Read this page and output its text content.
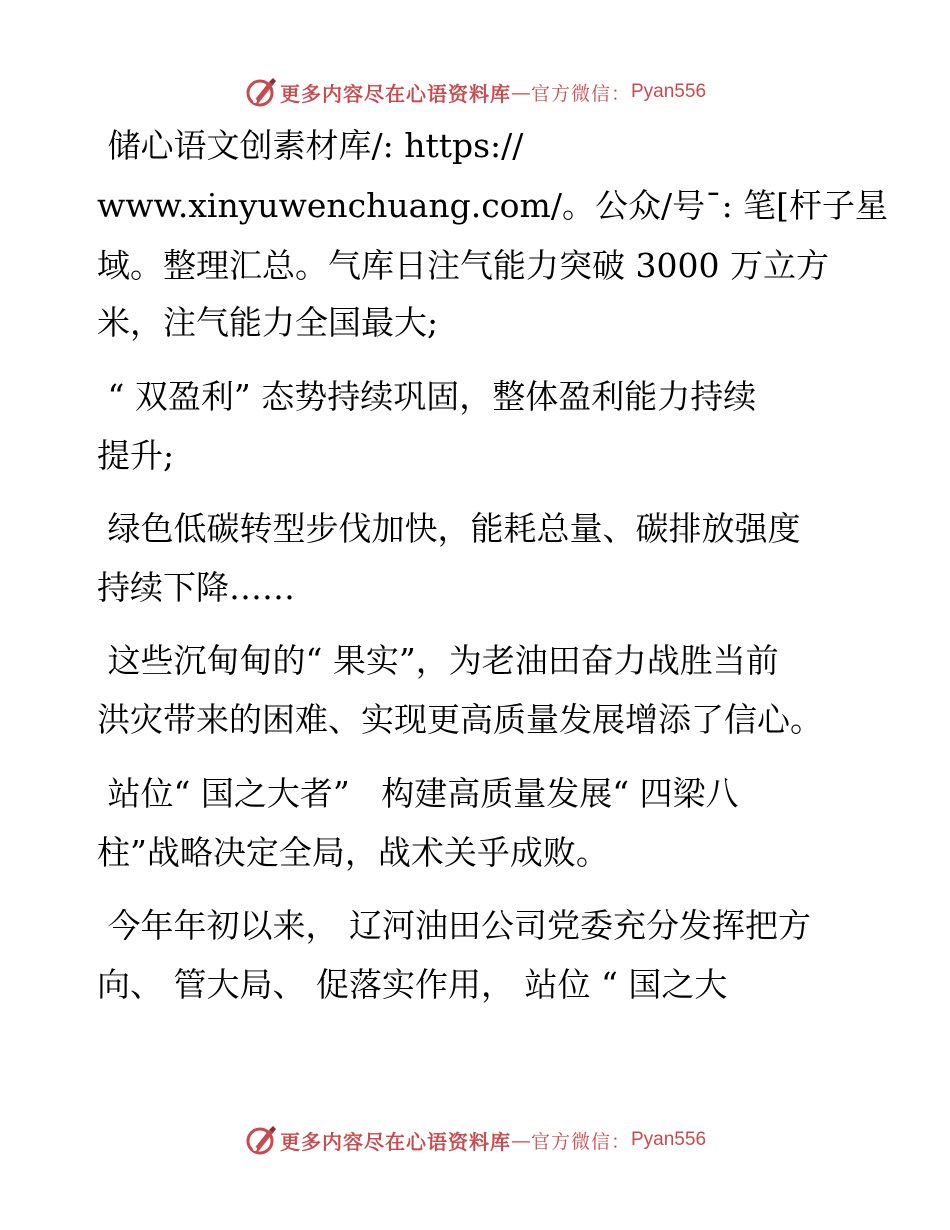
更多内容尽在心语资料库 — 官方微信： Pyan556
储心语文创素材库/: https://
www.xinyuwenchuang.com/。公众/号¯: 笔[杆子星
域。整理汇总。气库日注气能力突破 3000 万立方
米，注气能力全国最大;
“ 双盈利” 态势持续巩固，整体盈利能力持续
提升;
绿色低碳转型步伐加快，能耗总量、碳排放强度
持续下降……
这些沉甸甸的“ 果实”，为老油田奋力战胜当前
洪灾带来的困难、实现更高质量发展增添了信心。
站位“ 国之大者”   构建高质量发展“ 四梁八
柱”战略决定全局，战术关乎成败。
今年年初以来， 辽河油田公司党委充分发挥把方
向、 管大局、 促落实作用， 站位 “ 国之大
更多内容尽在心语资料库 — 官方微信： Pyan556
